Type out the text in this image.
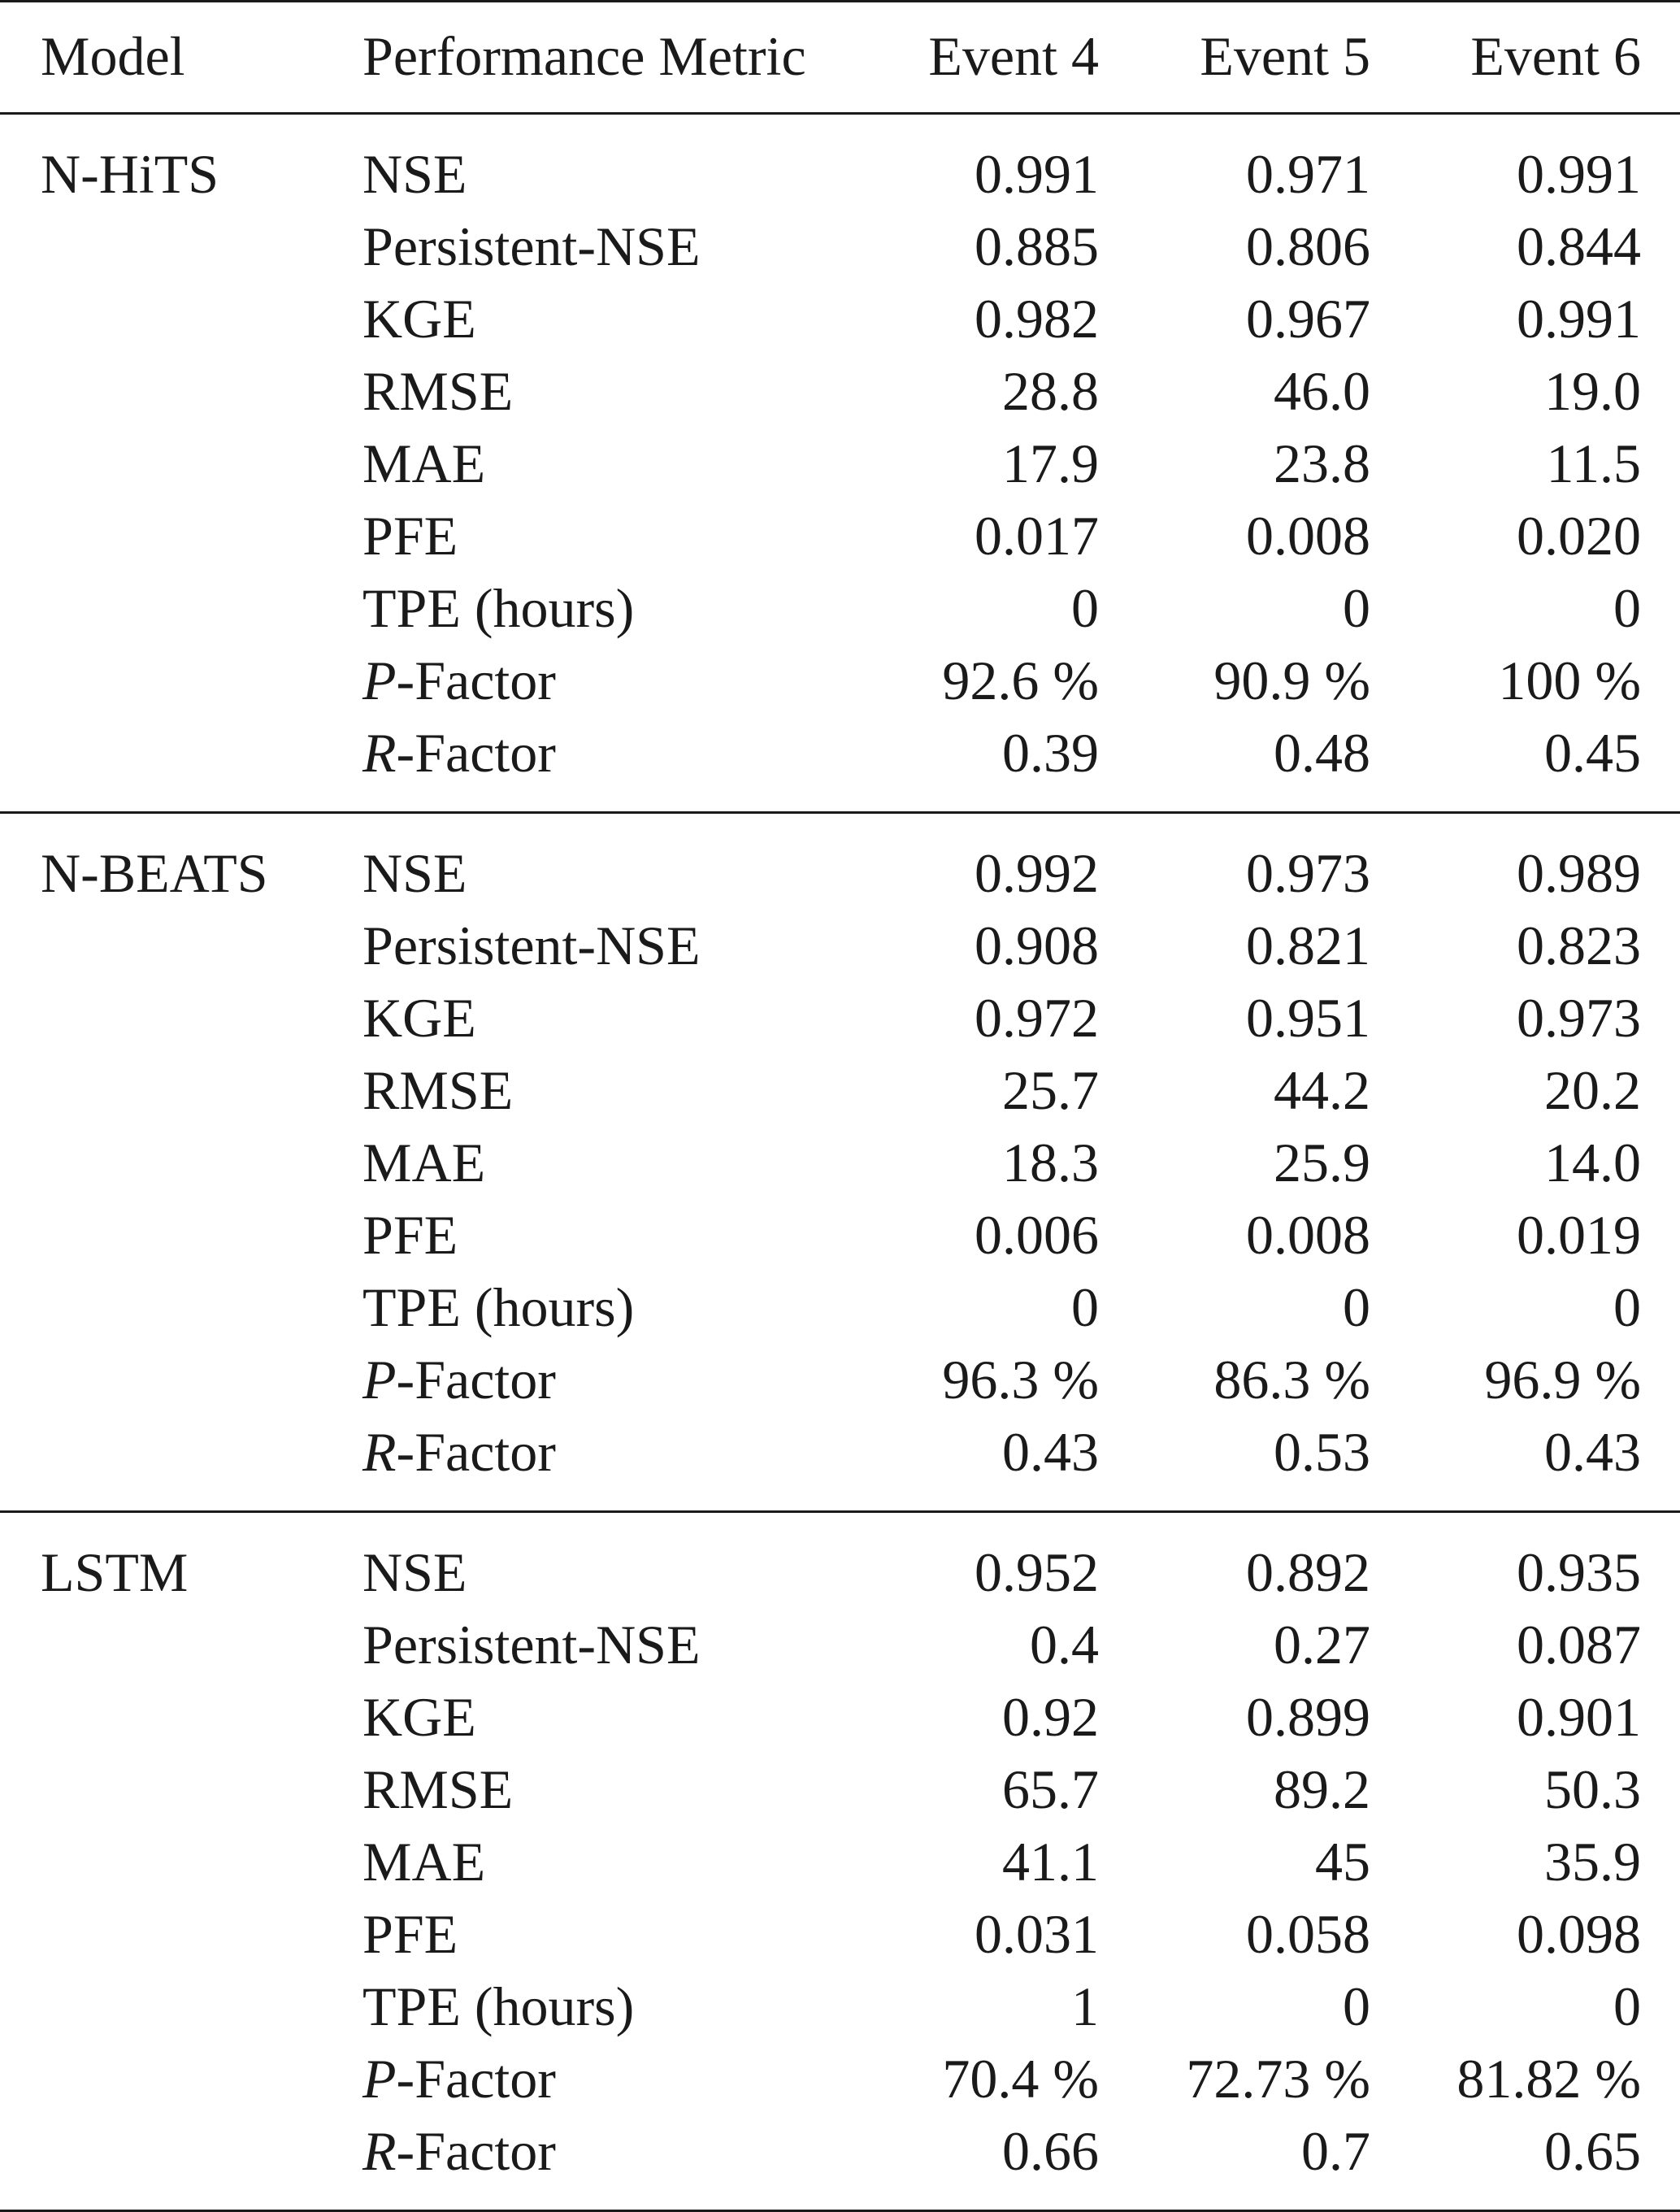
Model	Performance Metric	Event 4	Event 5	Event 6
N-HiTS	NSE	0.991	0.971	0.991
	Persistent-NSE	0.885	0.806	0.844
	KGE	0.982	0.967	0.991
	RMSE	28.8	46.0	19.0
	MAE	17.9	23.8	11.5
	PFE	0.017	0.008	0.020
	TPE (hours)	0	0	0
	P-Factor	92.6 %	90.9 %	100 %
	R-Factor	0.39	0.48	0.45
N-BEATS	NSE	0.992	0.973	0.989
	Persistent-NSE	0.908	0.821	0.823
	KGE	0.972	0.951	0.973
	RMSE	25.7	44.2	20.2
	MAE	18.3	25.9	14.0
	PFE	0.006	0.008	0.019
	TPE (hours)	0	0	0
	P-Factor	96.3 %	86.3 %	96.9 %
	R-Factor	0.43	0.53	0.43
LSTM	NSE	0.952	0.892	0.935
	Persistent-NSE	0.4	0.27	0.087
	KGE	0.92	0.899	0.901
	RMSE	65.7	89.2	50.3
	MAE	41.1	45	35.9
	PFE	0.031	0.058	0.098
	TPE (hours)	1	0	0
	P-Factor	70.4 %	72.73 %	81.82 %
	R-Factor	0.66	0.7	0.65
